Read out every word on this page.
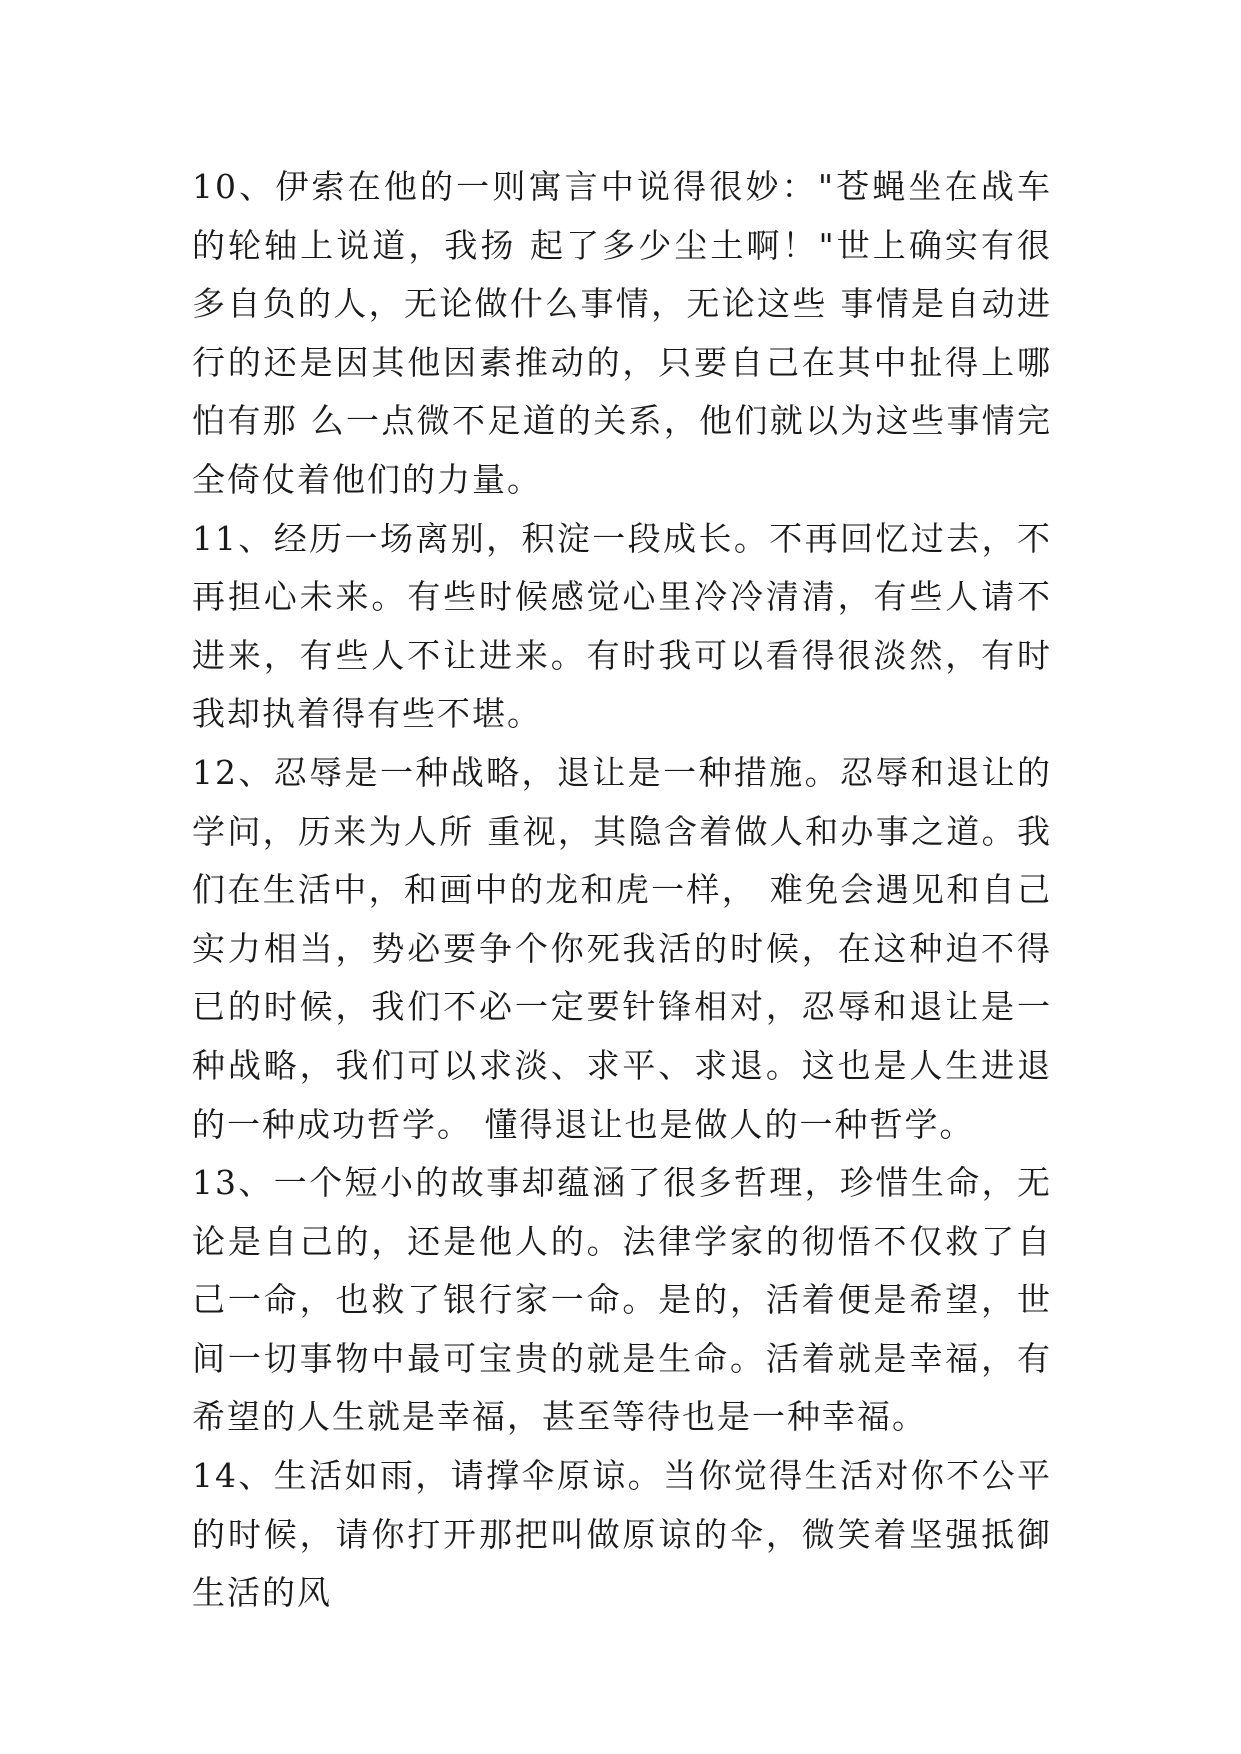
10、伊索在他的一则寓言中说得很妙："苍蝇坐在战车的轮轴上说道，我扬 起了多少尘土啊！"世上确实有很多自负的人，无论做什么事情，无论这些 事情是自动进行的还是因其他因素推动的，只要自己在其中扯得上哪怕有那 么一点微不足道的关系，他们就以为这些事情完全倚仗着他们的力量。

11、经历一场离别，积淀一段成长。不再回忆过去，不再担心未来。有些时候感觉心里冷冷清清，有些人请不进来，有些人不让进来。有时我可以看得很淡然，有时我却执着得有些不堪。

12、忍辱是一种战略，退让是一种措施。忍辱和退让的学问，历来为人所 重视，其隐含着做人和办事之道。我们在生活中，和画中的龙和虎一样， 难免会遇见和自己实力相当，势必要争个你死我活的时候，在这种迫不得 已的时候，我们不必一定要针锋相对，忍辱和退让是一种战略，我们可以求淡、求平、求退。这也是人生进退的一种成功哲学。 懂得退让也是做人的一种哲学。

13、一个短小的故事却蕴涵了很多哲理，珍惜生命，无论是自己的，还是他人的。法律学家的彻悟不仅救了自己一命，也救了银行家一命。是的，活着便是希望，世间一切事物中最可宝贵的就是生命。活着就是幸福，有希望的人生就是幸福，甚至等待也是一种幸福。

14、生活如雨，请撑伞原谅。当你觉得生活对你不公平的时候，请你打开那把叫做原谅的伞，微笑着坚强抵御生活的风
